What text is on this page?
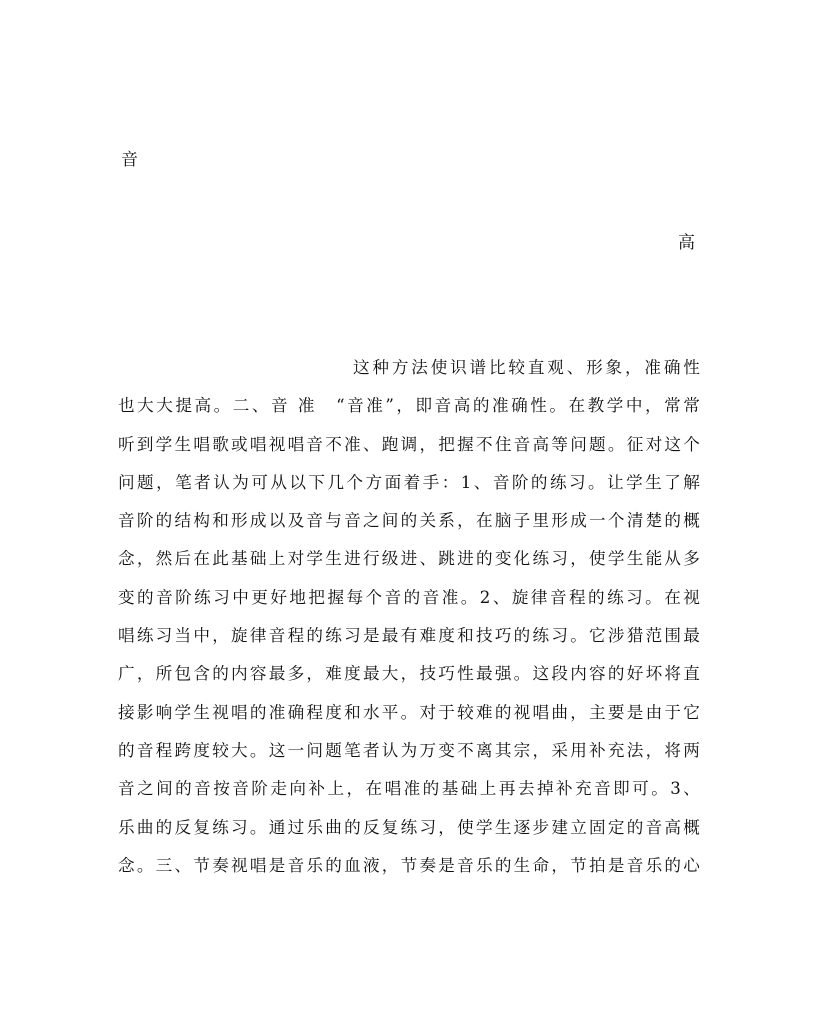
音
高
这种方法使识谱比较直观、形象，准确性
也大大提高。二、音 准　“音准”，即音高的准确性。在教学中，常常
听到学生唱歌或唱视唱音不准、跑调，把握不住音高等问题。征对这个
问题，笔者认为可从以下几个方面着手：1、音阶的练习。让学生了解
音阶的结构和形成以及音与音之间的关系，在脑子里形成一个清楚的概
念，然后在此基础上对学生进行级进、跳进的变化练习，使学生能从多
变的音阶练习中更好地把握每个音的音准。2、旋律音程的练习。在视
唱练习当中，旋律音程的练习是最有难度和技巧的练习。它涉猎范围最
广，所包含的内容最多，难度最大，技巧性最强。这段内容的好坏将直
接影响学生视唱的准确程度和水平。对于较难的视唱曲，主要是由于它
的音程跨度较大。这一问题笔者认为万变不离其宗，采用补充法，将两
音之间的音按音阶走向补上，在唱准的基础上再去掉补充音即可。3、
乐曲的反复练习。通过乐曲的反复练习，使学生逐步建立固定的音高概
念。三、节奏视唱是音乐的血液，节奏是音乐的生命，节拍是音乐的心
